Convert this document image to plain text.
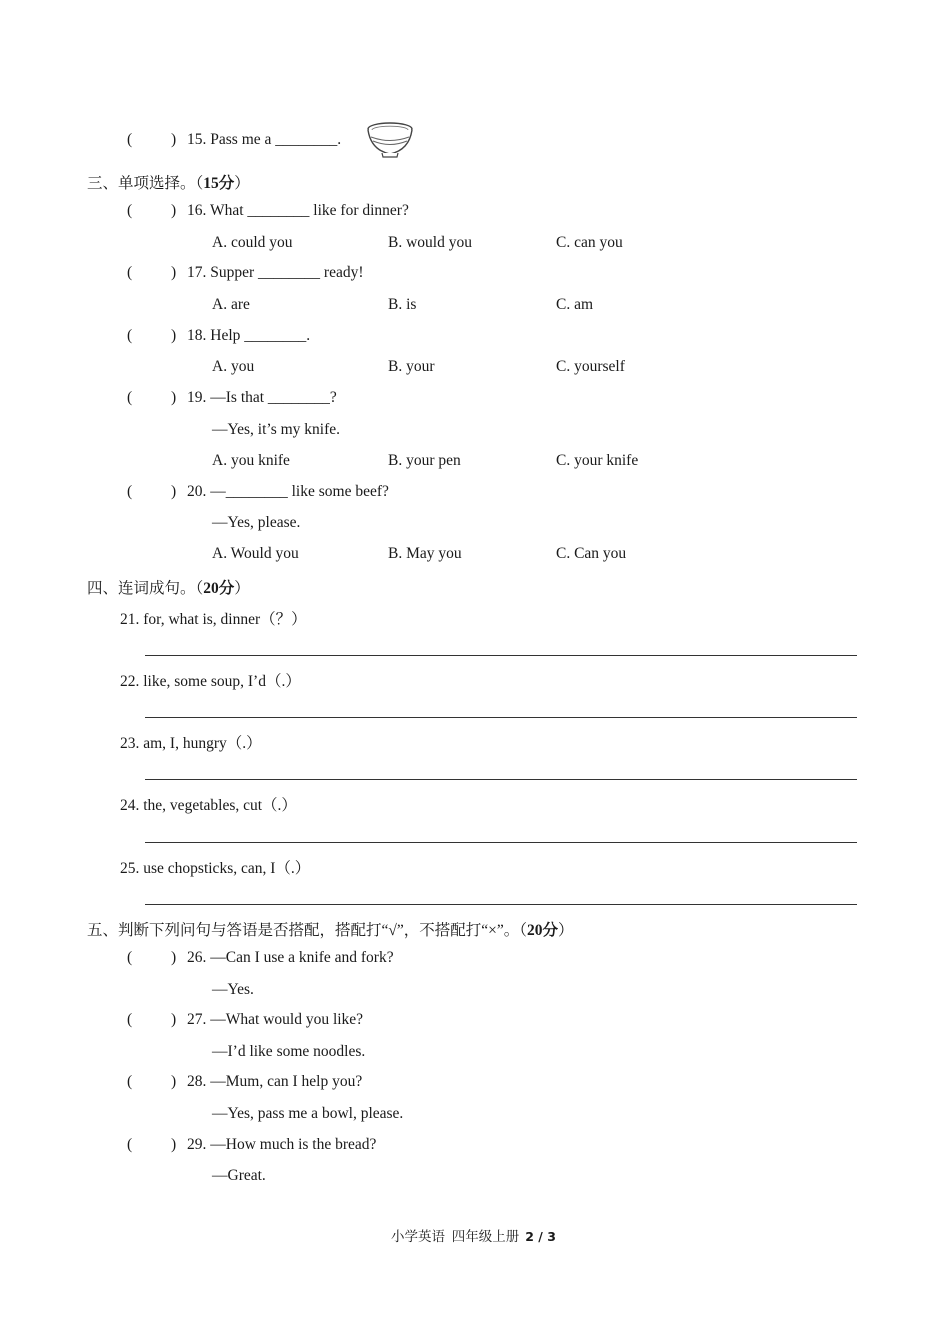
(	) 15. Pass me a ________.
三、单项选择。（15分）
(	) 16. What ________ like for dinner?
A. could you	B. would you	C. can you
(	) 17. Supper ________ ready!
A. are	B. is	C. am
(	) 18. Help ________.
A. you	B. your	C. yourself
(	) 19. —Is that ________?
—Yes, it’s my knife.
A. you knife	B. your pen	C. your knife
(	) 20. —________ like some beef?
—Yes, please.
A. Would you	B. May you	C. Can you
四、连词成句。（20分）
21. for, what is, dinner（？）
22. like, some soup, I’d（.）
23. am, I, hungry（.）
24. the, vegetables, cut（.）
25. use chopsticks, can, I（.）
五、判断下列问句与答语是否搭配，搭配打“√”，不搭配打“×”。（20分）
(	) 26. —Can I use a knife and fork?
—Yes.
(	) 27. —What would you like?
—I’d like some noodles.
(	) 28. —Mum, can I help you?
—Yes, pass me a bowl, please.
(	) 29. —How much is the bread?
—Great.
小学英语  四年级上册 2 / 3
